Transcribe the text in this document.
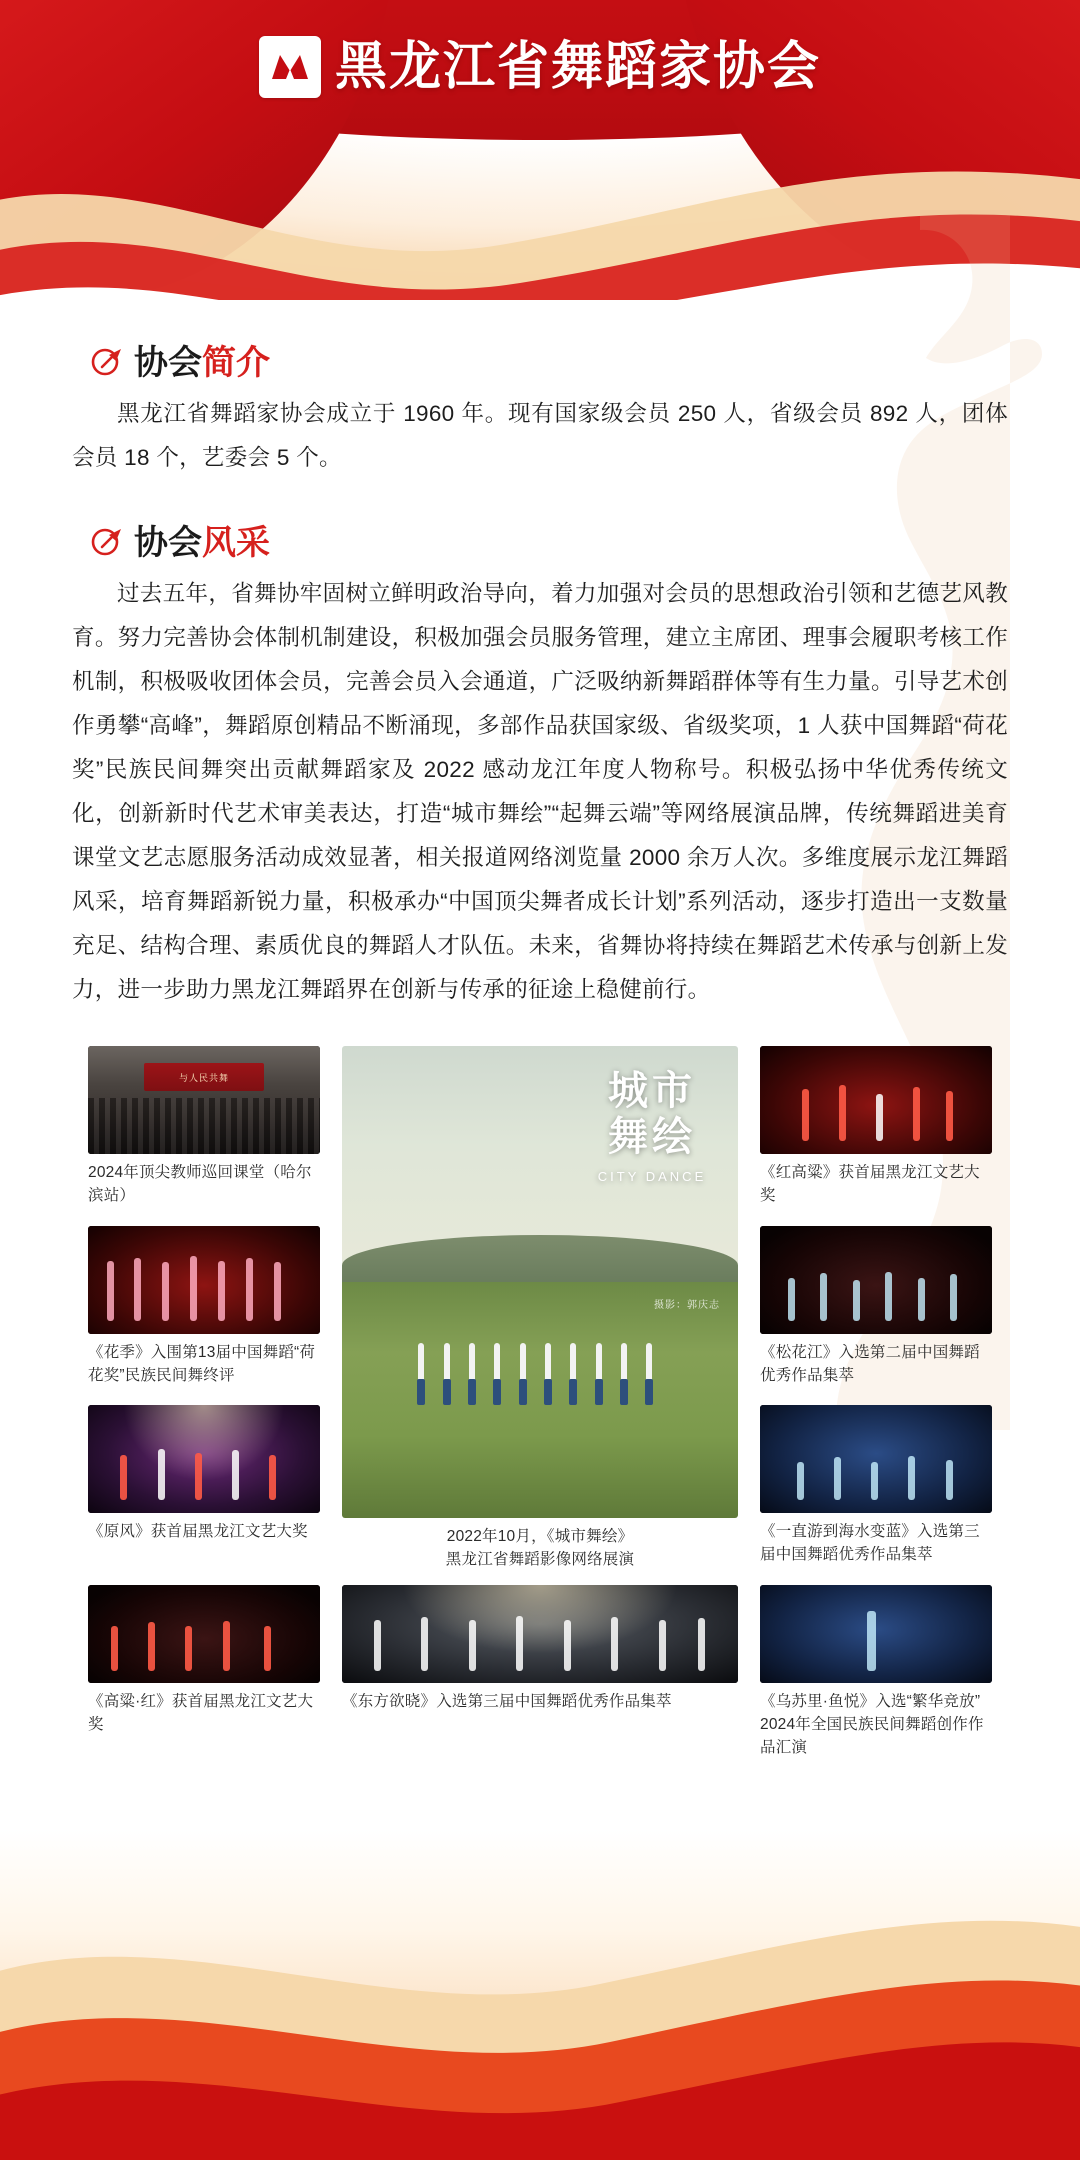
黑龙江省舞蹈家协会
协会简介

黑龙江省舞蹈家协会成立于 1960 年。现有国家级会员 250 人，省级会员 892 人，团体会员 18 个，艺委会 5 个。

协会风采

过去五年，省舞协牢固树立鲜明政治导向，着力加强对会员的思想政治引领和艺德艺风教育。努力完善协会体制机制建设，积极加强会员服务管理，建立主席团、理事会履职考核工作机制，积极吸收团体会员，完善会员入会通道，广泛吸纳新舞蹈群体等有生力量。引导艺术创作勇攀“高峰”，舞蹈原创精品不断涌现，多部作品获国家级、省级奖项，1 人获中国舞蹈“荷花奖”民族民间舞突出贡献舞蹈家及 2022 感动龙江年度人物称号。积极弘扬中华优秀传统文化，创新新时代艺术审美表达，打造“城市舞绘”“起舞云端”等网络展演品牌，传统舞蹈进美育课堂文艺志愿服务活动成效显著，相关报道网络浏览量 2000 余万人次。多维度展示龙江舞蹈风采，培育舞蹈新锐力量，积极承办“中国顶尖舞者成长计划”系列活动，逐步打造出一支数量充足、结构合理、素质优良的舞蹈人才队伍。未来，省舞协将持续在舞蹈艺术传承与创新上发力，进一步助力黑龙江舞蹈界在创新与传承的征途上稳健前行。

与人民共舞
2024年顶尖教师巡回课堂（哈尔滨站）
城市舞绘
CITY DANCE
摄影：郭庆志
2022年10月，《城市舞绘》
黑龙江省舞蹈影像网络展演
《红高粱》获首届黑龙江文艺大奖
《花季》入围第13届中国舞蹈“荷花奖”民族民间舞终评
《松花江》入选第二届中国舞蹈优秀作品集萃
《原风》获首届黑龙江文艺大奖	《一直游到海水变蓝》入选第三届中国舞蹈优秀作品集萃
《高粱·红》获首届黑龙江文艺大奖
《东方欲晓》入选第三届中国舞蹈优秀作品集萃	《乌苏里·鱼悦》入选“繁华竞放”2024年全国民族民间舞蹈创作作品汇演
